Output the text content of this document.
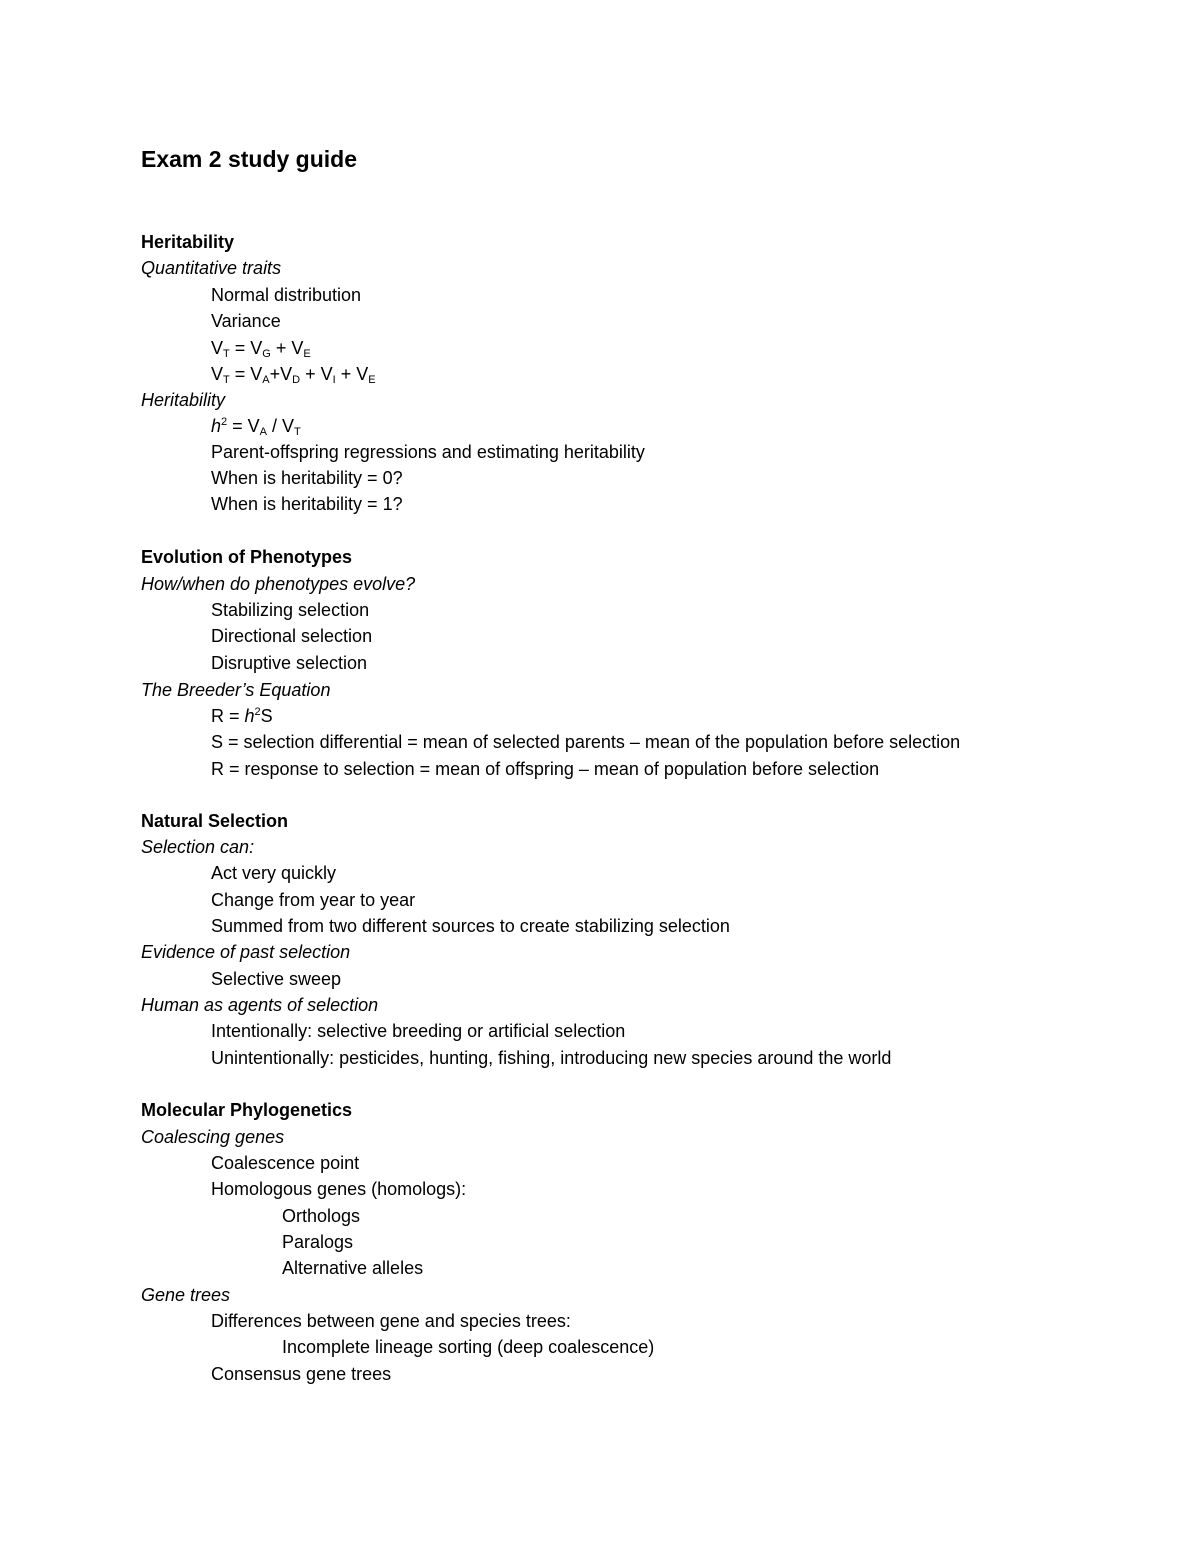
Exam 2 study guide
Heritability
Quantitative traits
Normal distribution
Variance
$V_T = V_G + V_E$
$V_T = V_A+V_D + V_I + V_E$
Heritability
$h^2 = V_A / V_T$
Parent-offspring regressions and estimating heritability
When is heritability = 0?
When is heritability = 1?
Evolution of Phenotypes
How/when do phenotypes evolve?
Stabilizing selection
Directional selection
Disruptive selection
The Breeder’s Equation
$R = h^2S$
S = selection differential = mean of selected parents – mean of the population before selection
R = response to selection = mean of offspring – mean of population before selection
Natural Selection
Selection can:
Act very quickly
Change from year to year
Summed from two different sources to create stabilizing selection
Evidence of past selection
Selective sweep
Human as agents of selection
Intentionally: selective breeding or artificial selection
Unintentionally: pesticides, hunting, fishing, introducing new species around the world
Molecular Phylogenetics
Coalescing genes
Coalescence point
Homologous genes (homologs):
Orthologs
Paralogs
Alternative alleles
Gene trees
Differences between gene and species trees:
Incomplete lineage sorting (deep coalescence)
Consensus gene trees
